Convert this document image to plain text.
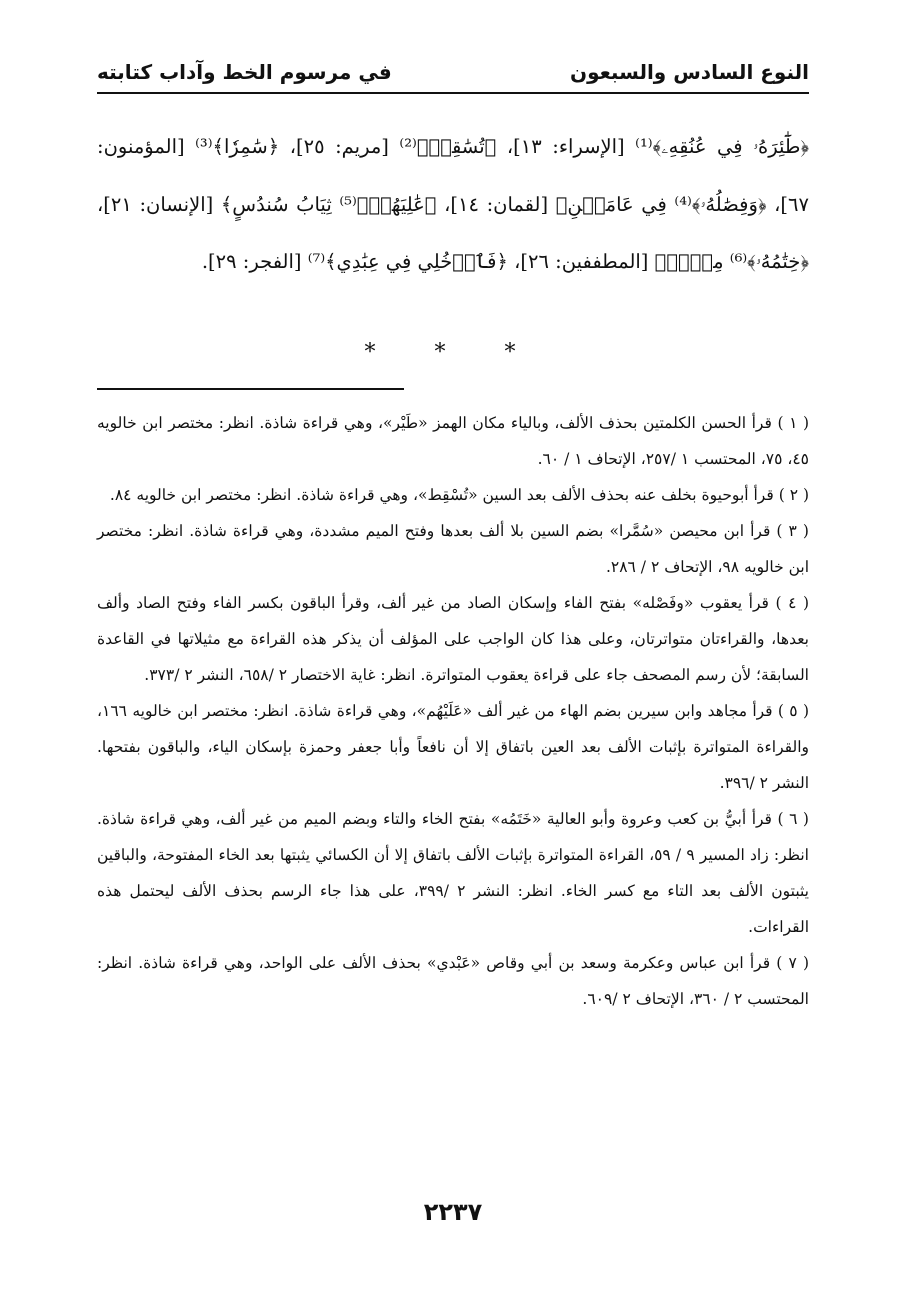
النوع السادس والسبعون
في مرسوم الخط وآداب كتابته
﴿طَٰٓئِرَهُۥ فِي عُنُقِهِۦ﴾⁽¹⁾ [الإسراء: ١٣]، ﴿تُسَٰقِطۡ﴾⁽²⁾ [مريم: ٢٥]، ﴿سَٰمِرٗا﴾⁽³⁾ [المؤمنون: ٦٧]، ﴿وَفِصَٰلُهُۥ﴾⁽⁴⁾ فِي عَامَيۡنِ﴾ [لقمان: ١٤]، ﴿عَٰلِيَهُمۡ﴾⁽⁵⁾ ثِيَابُ سُندُسٍ﴾ [الإنسان: ٢١]، ﴿خِتَٰمُهُۥ﴾⁽⁶⁾ مِسۡكٞ﴾ [المطففين: ٢٦]، ﴿فَٱدۡخُلِي فِي عِبَٰدِي﴾⁽⁷⁾ [الفجر: ٢٩].
* * *

( ١ ) قرأ الحسن الكلمتين بحذف الألف، وبالياء مكان الهمز «طَيْر»، وهي قراءة شاذة. انظر: مختصر ابن خالويه ٤٥، ٧٥، المحتسب ١ /٢٥٧، الإتحاف ١ / ٦٠.

( ٢ ) قرأ أبوحيوة بخلف عنه بحذف الألف بعد السين «تُسْقِط»، وهي قراءة شاذة. انظر: مختصر ابن خالويه ٨٤.

( ٣ ) قرأ ابن محيصن «سُمَّرا» بضم السين بلا ألف بعدها وفتح الميم مشددة، وهي قراءة شاذة. انظر: مختصر ابن خالويه ٩٨، الإتحاف ٢ / ٢٨٦.

( ٤ ) قرأ يعقوب «وفَصْله» بفتح الفاء وإسكان الصاد من غير ألف، وقرأ الباقون بكسر الفاء وفتح الصاد وألف بعدها، والقراءتان متواترتان، وعلى هذا كان الواجب على المؤلف أن يذكر هذه القراءة مع مثيلاتها في القاعدة السابقة؛ لأن رسم المصحف جاء على قراءة يعقوب المتواترة. انظر: غاية الاختصار ٢ /٦٥٨، النشر ٢ /٣٧٣.

( ٥ ) قرأ مجاهد وابن سيرين بضم الهاء من غير ألف «عَلَيْهُم»، وهي قراءة شاذة. انظر: مختصر ابن خالويه ١٦٦، والقراءة المتواترة بإثبات الألف بعد العين باتفاق إلا أن نافعاً وأبا جعفر وحمزة بإسكان الياء، والباقون بفتحها. النشر ٢ /٣٩٦.

( ٦ ) قرأ أبيُّ بن كعب وعروة وأبو العالية «خَتَمُه» بفتح الخاء والتاء وبضم الميم من غير ألف، وهي قراءة شاذة. انظر: زاد المسير ٩ / ٥٩، القراءة المتواترة بإثبات الألف باتفاق إلا أن الكسائي يثبتها بعد الخاء المفتوحة، والباقين يثبتون الألف بعد التاء مع كسر الخاء. انظر: النشر ٢ /٣٩٩، على هذا جاء الرسم بحذف الألف ليحتمل هذه القراءات.

( ٧ ) قرأ ابن عباس وعكرمة وسعد بن أبي وقاص «عَبْدي» بحذف الألف على الواحد، وهي قراءة شاذة. انظر: المحتسب ٢ / ٣٦٠، الإتحاف ٢ /٦٠٩.

٢٢٣٧
